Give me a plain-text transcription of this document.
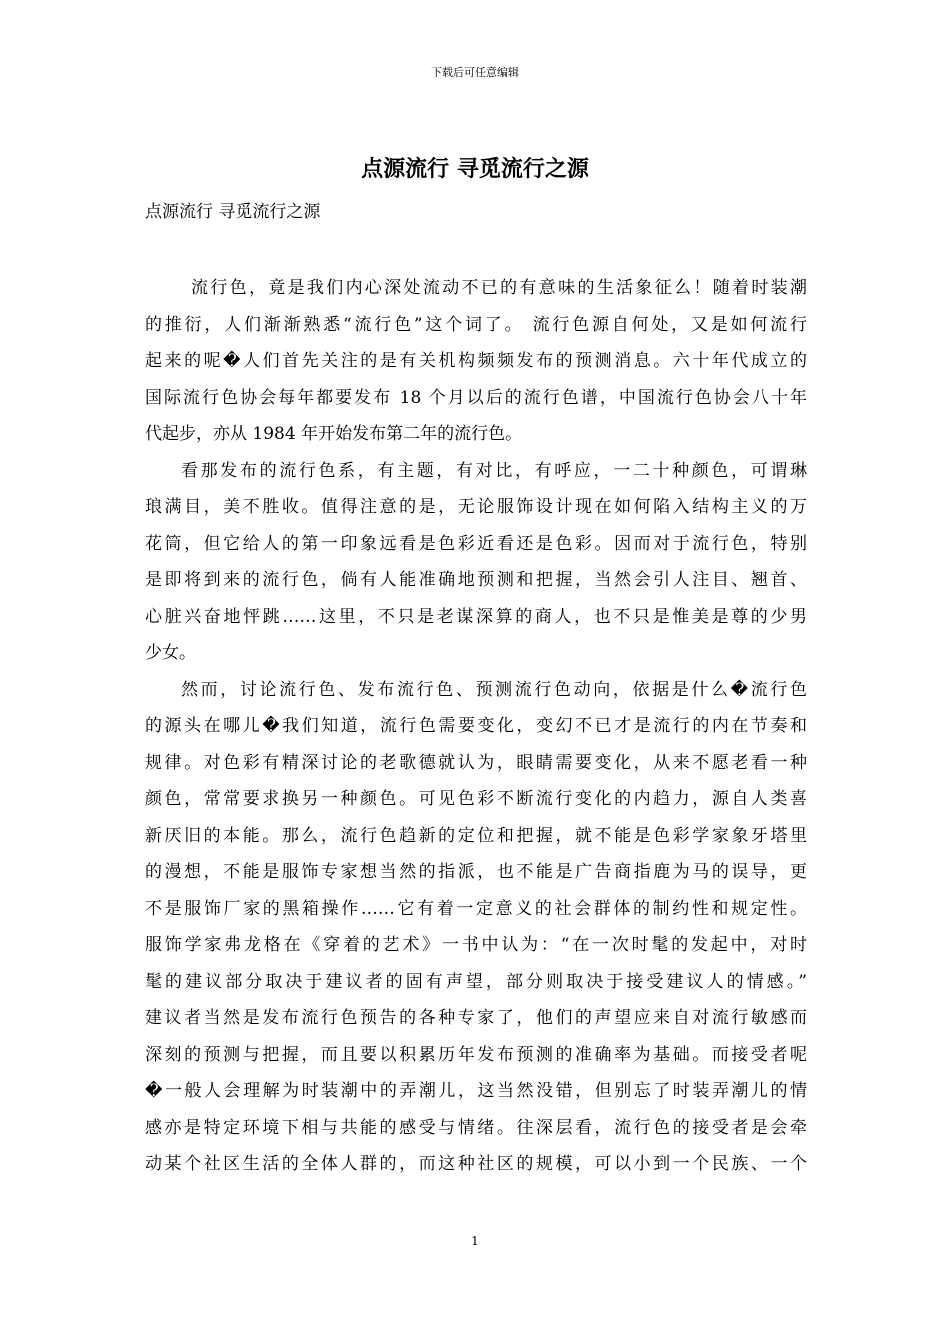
下载后可任意编辑
点源流行 寻觅流行之源
点源流行 寻觅流行之源
流行色，竟是我们内心深处流动不已的有意味的生活象征么！随着时装潮
的推衍，人们渐渐熟悉“流行色”这个词了。 流行色源自何处，又是如何流行
起来的呢�人们首先关注的是有关机构频频发布的预测消息。六十年代成立的
国际流行色协会每年都要发布 18 个月以后的流行色谱，中国流行色协会八十年
代起步，亦从 1984 年开始发布第二年的流行色。
看那发布的流行色系，有主题，有对比，有呼应，一二十种颜色，可谓琳
琅满目，美不胜收。值得注意的是，无论服饰设计现在如何陷入结构主义的万
花筒，但它给人的第一印象远看是色彩近看还是色彩。因而对于流行色，特别
是即将到来的流行色，倘有人能准确地预测和把握，当然会引人注目、翘首、
心脏兴奋地怦跳……这里，不只是老谋深算的商人，也不只是惟美是尊的少男
少女。
然而，讨论流行色、发布流行色、预测流行色动向，依据是什么�流行色
的源头在哪儿�我们知道，流行色需要变化，变幻不已才是流行的内在节奏和
规律。对色彩有精深讨论的老歌德就认为，眼睛需要变化，从来不愿老看一种
颜色，常常要求换另一种颜色。可见色彩不断流行变化的内趋力，源自人类喜
新厌旧的本能。那么，流行色趋新的定位和把握，就不能是色彩学家象牙塔里
的漫想，不能是服饰专家想当然的指派，也不能是广告商指鹿为马的误导，更
不是服饰厂家的黑箱操作……它有着一定意义的社会群体的制约性和规定性。
服饰学家弗龙格在《穿着的艺术》一书中认为：“在一次时髦的发起中，对时
髦的建议部分取决于建议者的固有声望，部分则取决于接受建议人的情感。”
建议者当然是发布流行色预告的各种专家了，他们的声望应来自对流行敏感而
深刻的预测与把握，而且要以积累历年发布预测的准确率为基础。而接受者呢
�一般人会理解为时装潮中的弄潮儿，这当然没错，但别忘了时装弄潮儿的情
感亦是特定环境下相与共能的感受与情绪。往深层看，流行色的接受者是会牵
动某个社区生活的全体人群的，而这种社区的规模，可以小到一个民族、一个
1
